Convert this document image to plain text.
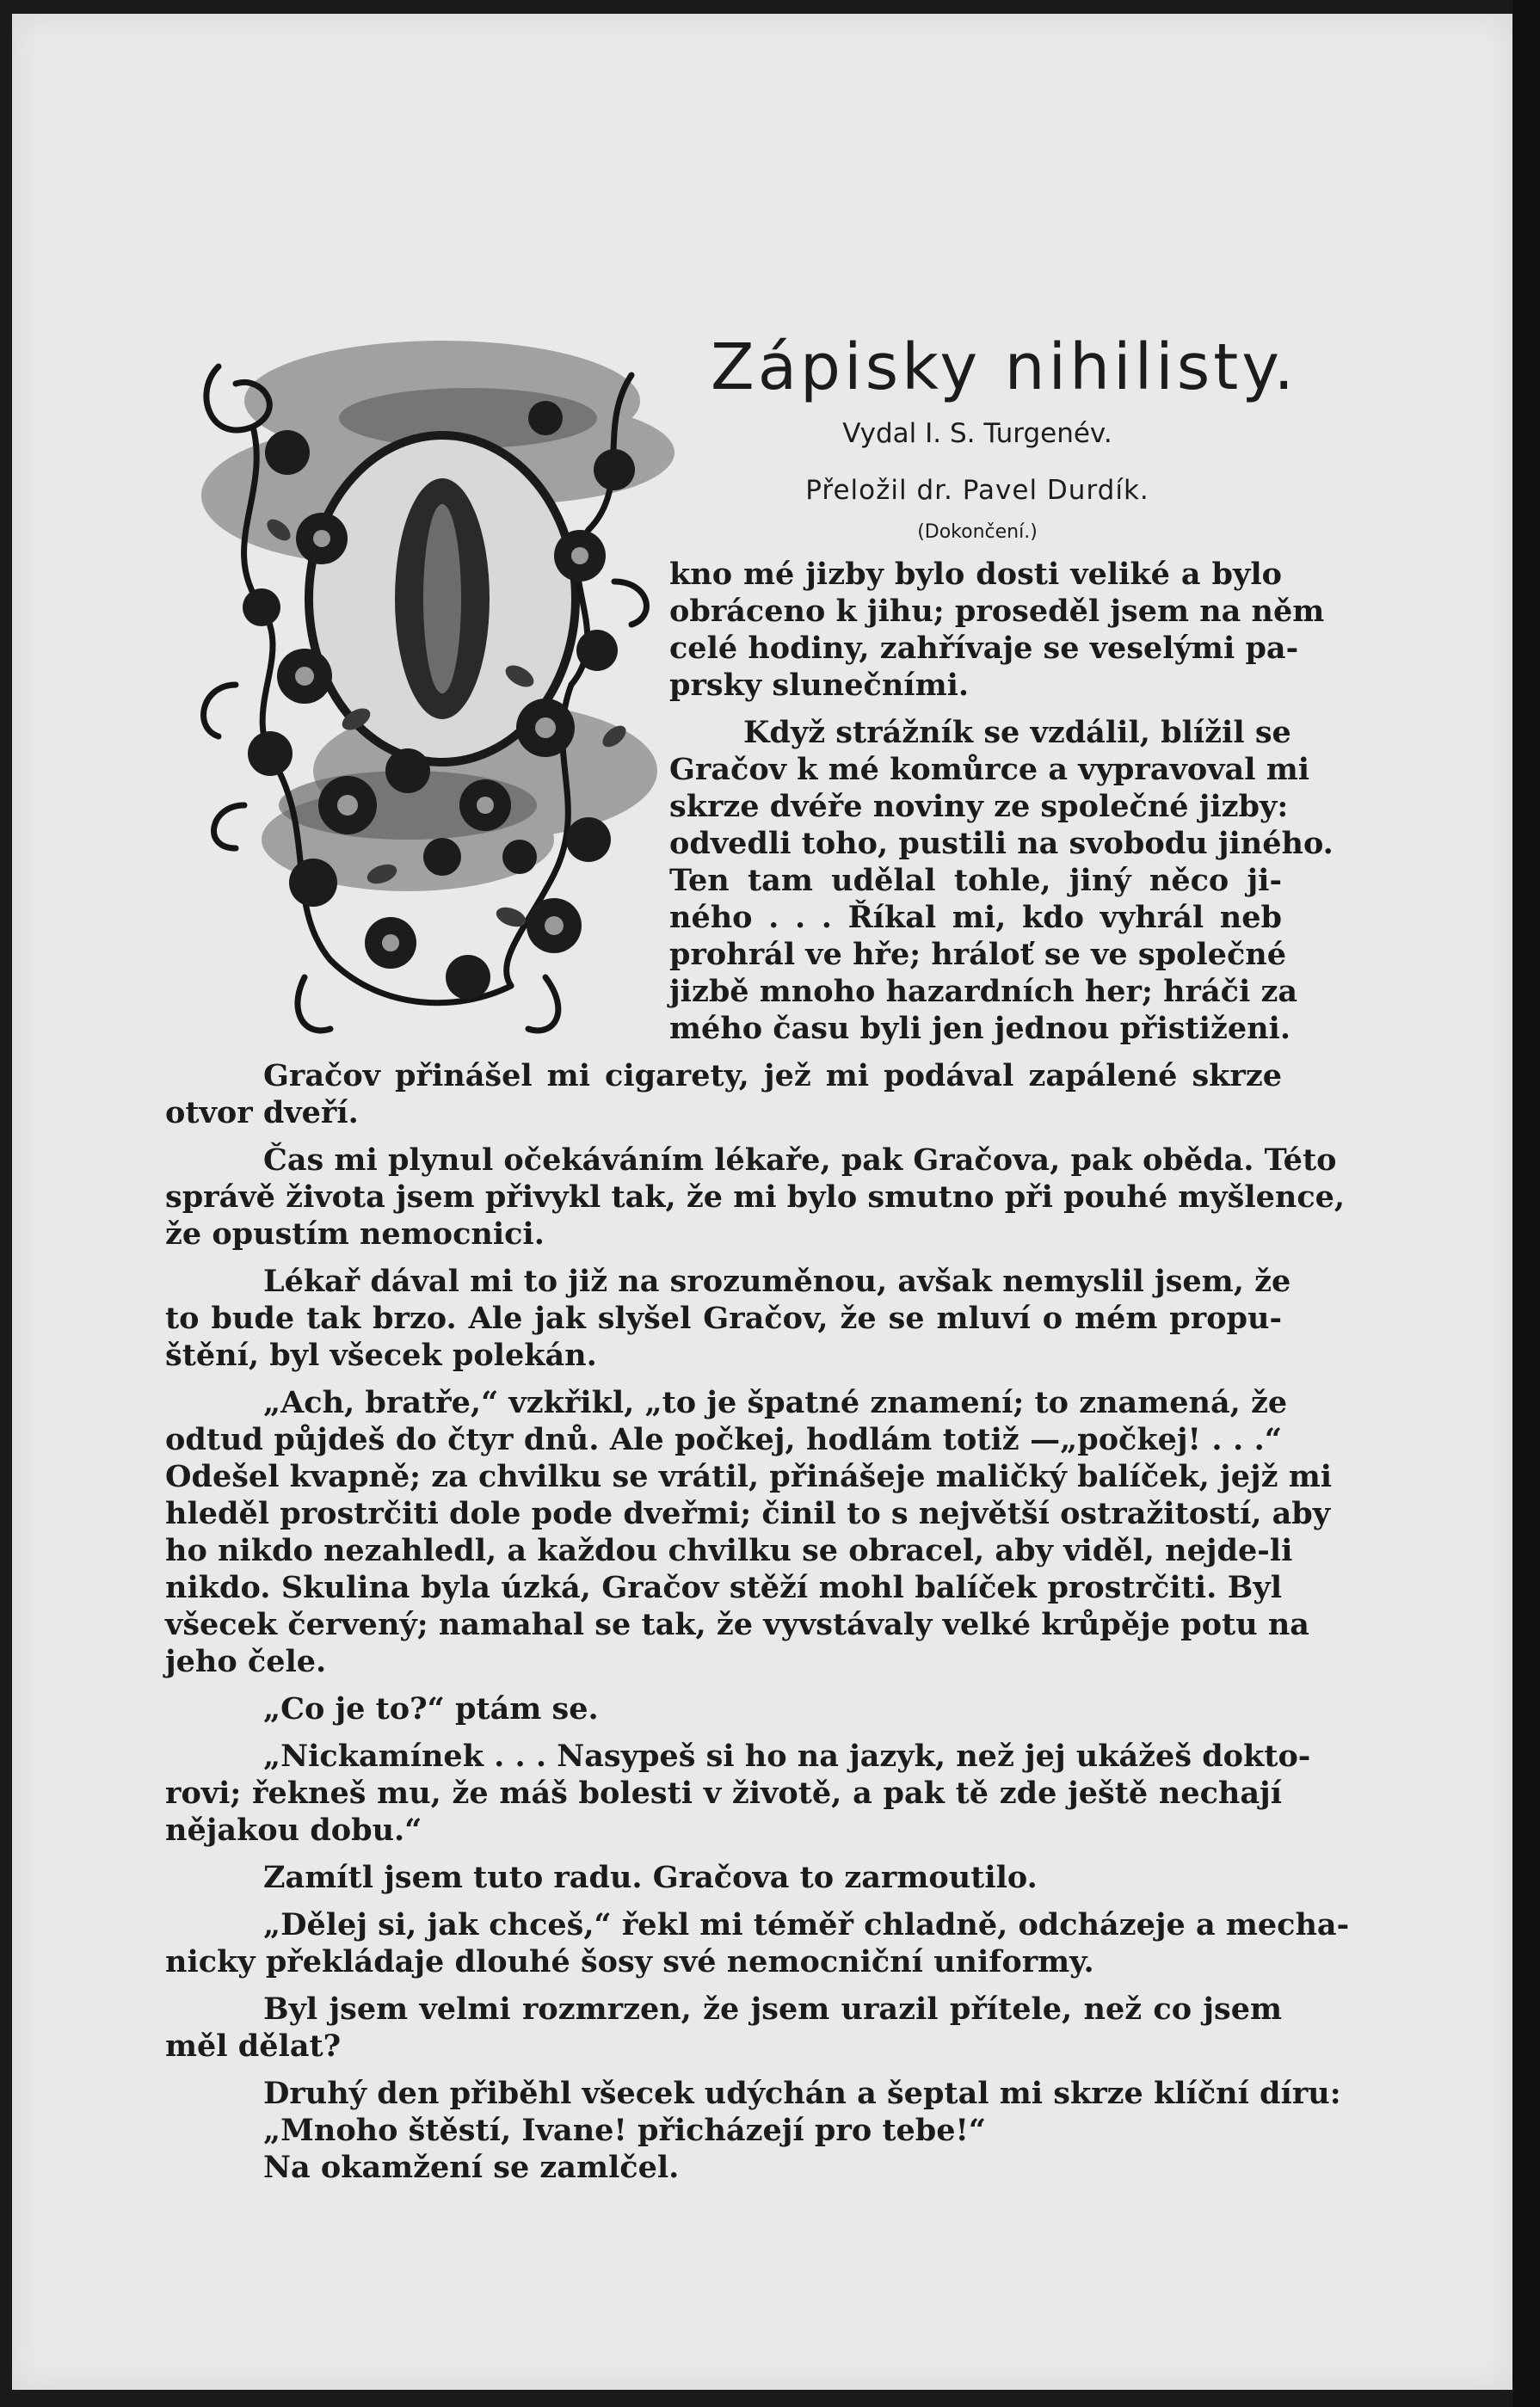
Zápisky nihilisty.
Vydal I. S. Turgenév.
Přeložil dr. Pavel Durdík.
(Dokončení.)
kno mé jizby bylo dosti veliké a bylo
obráceno k jihu; proseděl jsem na něm
celé hodiny, zahřívaje se veselými pa-
prsky slunečními.
Když strážník se vzdálil, blížil se
Gračov k mé komůrce a vypravoval mi
skrze dvéře noviny ze společné jizby:
odvedli toho, pustili na svobodu jiného.
Ten tam udělal tohle, jiný něco ji-
ného . . . Říkal mi, kdo vyhrál neb
prohrál ve hře; hráloť se ve společné
jizbě mnoho hazardních her; hráči za
mého času byli jen jednou přistiženi.
Gračov přinášel mi cigarety, jež mi podával zapálené skrze
otvor dveří.
Čas mi plynul očekáváním lékaře, pak Gračova, pak oběda. Této
správě života jsem přivykl tak, že mi bylo smutno při pouhé myšlence,
že opustím nemocnici.
Lékař dával mi to již na srozuměnou, avšak nemyslil jsem, že
to bude tak brzo. Ale jak slyšel Gračov, že se mluví o mém propu-
štění, byl všecek polekán.
„Ach, bratře,“ vzkřikl, „to je špatné znamení; to znamená, že
odtud půjdeš do čtyr dnů. Ale počkej, hodlám totiž —„počkej! . . .“
Odešel kvapně; za chvilku se vrátil, přinášeje maličký balíček, jejž mi
hleděl prostrčiti dole pode dveřmi; činil to s největší ostražitostí, aby
ho nikdo nezahledl, a každou chvilku se obracel, aby viděl, nejde-li
nikdo. Skulina byla úzká, Gračov stěží mohl balíček prostrčiti. Byl
všecek červený; namahal se tak, že vyvstávaly velké krůpěje potu na
jeho čele.
„Co je to?“ ptám se.
„Nickamínek . . . Nasypeš si ho na jazyk, než jej ukážeš dokto-
rovi; řekneš mu, že máš bolesti v životě, a pak tě zde ještě nechají
nějakou dobu.“
Zamítl jsem tuto radu. Gračova to zarmoutilo.
„Dělej si, jak chceš,“ řekl mi téměř chladně, odcházeje a mecha-
nicky překládaje dlouhé šosy své nemocniční uniformy.
Byl jsem velmi rozmrzen, že jsem urazil přítele, než co jsem
měl dělat?
Druhý den přiběhl všecek udýchán a šeptal mi skrze klíční díru:
„Mnoho štěstí, Ivane! přicházejí pro tebe!“
Na okamžení se zamlčel.
